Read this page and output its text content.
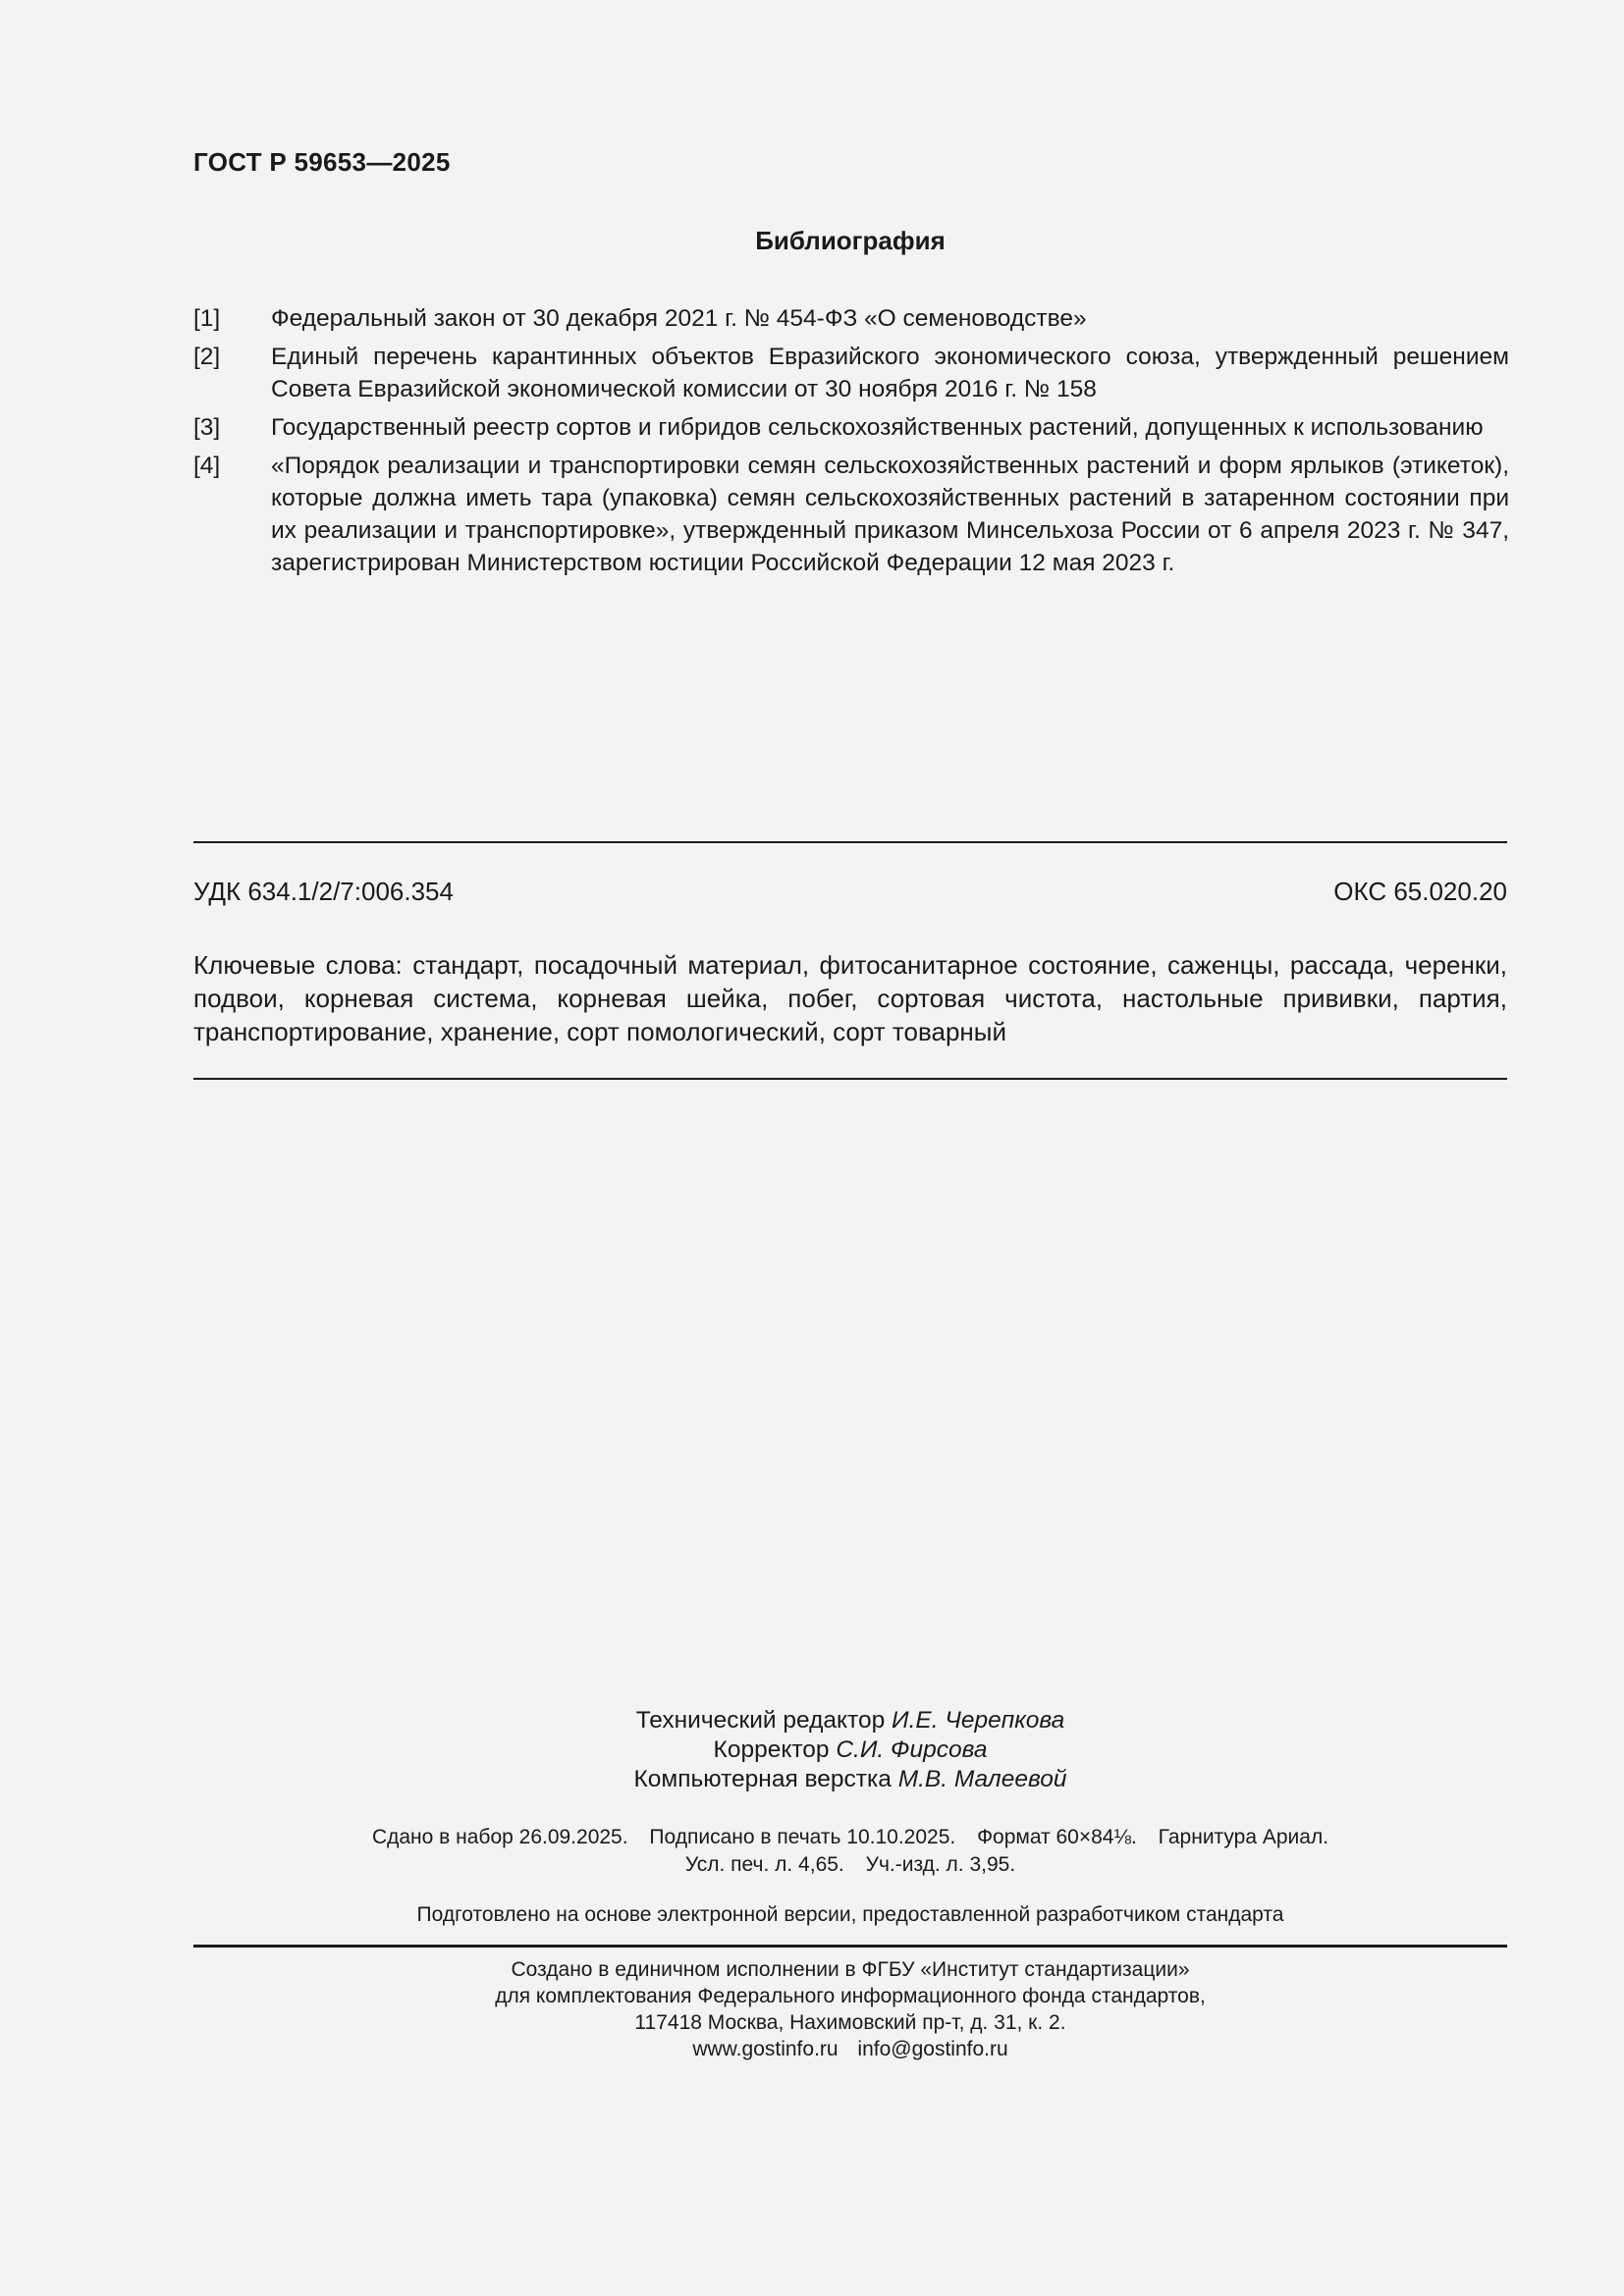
ГОСТ Р 59653—2025
Библиография
[1]	Федеральный закон от 30 декабря 2021 г. № 454-ФЗ «О семеноводстве»
[2]	Единый перечень карантинных объектов Евразийского экономического союза, утвержденный решением Совета Евразийской экономической комиссии от 30 ноября 2016 г. № 158
[3]	Государственный реестр сортов и гибридов сельскохозяйственных растений, допущенных к использованию
[4]	«Порядок реализации и транспортировки семян сельскохозяйственных растений и форм ярлыков (этикеток), которые должна иметь тара (упаковка) семян сельскохозяйственных растений в затаренном состоянии при их реализации и транспортировке», утвержденный приказом Минсельхоза России от 6 апреля 2023 г. № 347, зарегистрирован Министерством юстиции Российской Федерации 12 мая 2023 г.
УДК 634.1/2/7:006.354	ОКС 65.020.20
Ключевые слова: стандарт, посадочный материал, фитосанитарное состояние, саженцы, рассада, черенки, подвои, корневая система, корневая шейка, побег, сортовая чистота, настольные прививки, партия, транспортирование, хранение, сорт помологический, сорт товарный
Технический редактор И.Е. Черепкова
Корректор С.И. Фирсова
Компьютерная верстка М.В. Малеевой
Сдано в набор 26.09.2025. Подписано в печать 10.10.2025. Формат 60×84⅛. Гарнитура Ариал.
Усл. печ. л. 4,65. Уч.-изд. л. 3,95.
Подготовлено на основе электронной версии, предоставленной разработчиком стандарта
Создано в единичном исполнении в ФГБУ «Институт стандартизации»
для комплектования Федерального информационного фонда стандартов,
117418 Москва, Нахимовский пр-т, д. 31, к. 2.
www.gostinfo.ru info@gostinfo.ru
